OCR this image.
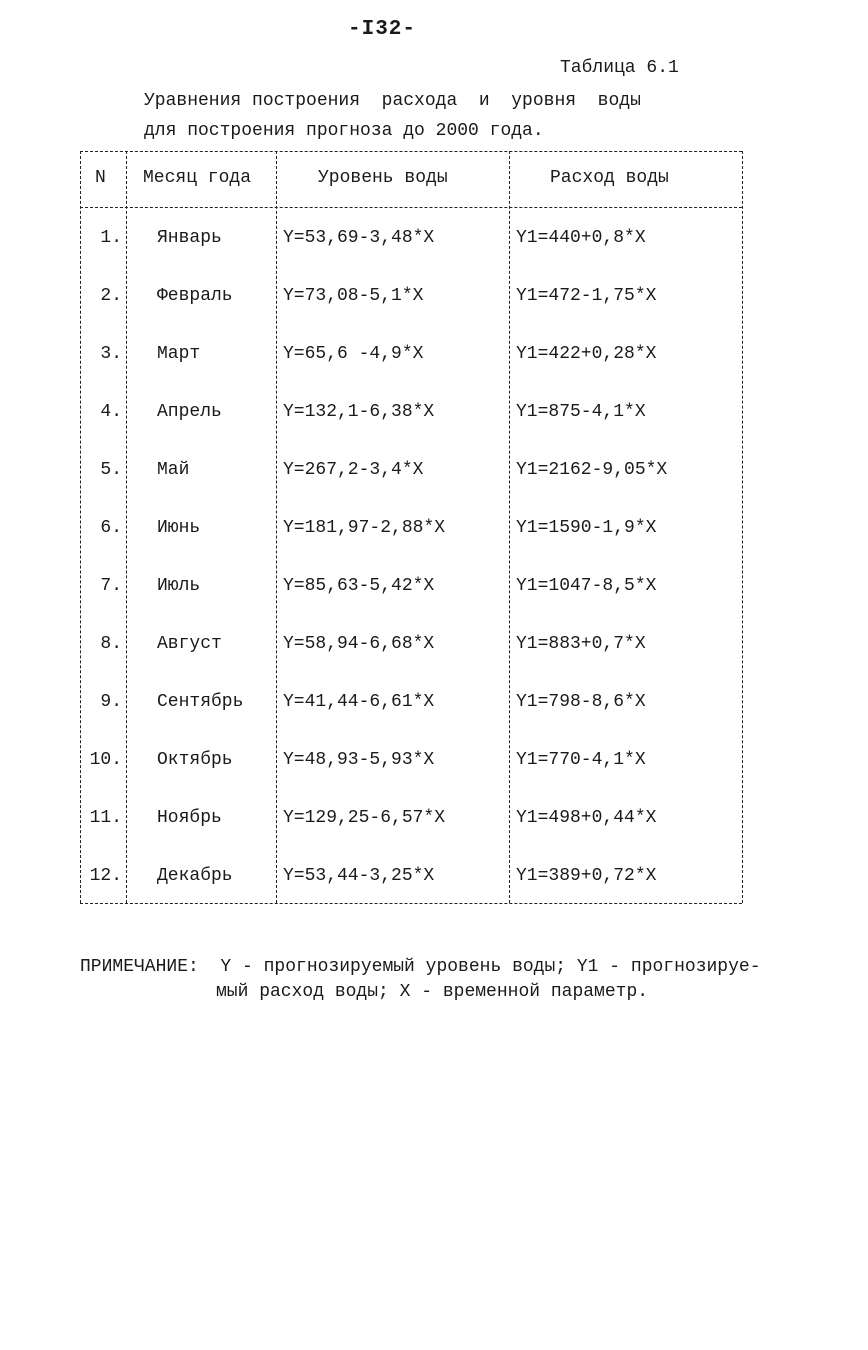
-I32-
Таблица 6.1
Уравнения построения  расхода  и  уровня  воды
для построения прогноза до 2000 года.
N Месяц года	Уровень воды	Расход воды
1. Январь	Y=53,69-3,48*X	Y1=440+0,8*X
2. Февраль	Y=73,08-5,1*X	Y1=472-1,75*X
3. Март	Y=65,6 -4,9*X	Y1=422+0,28*X
4. Апрель	Y=132,1-6,38*X	Y1=875-4,1*X
5. Май	Y=267,2-3,4*X	Y1=2162-9,05*X
6. Июнь	Y=181,97-2,88*X	Y1=1590-1,9*X
7. Июль	Y=85,63-5,42*X	Y1=1047-8,5*X
8. Август	Y=58,94-6,68*X	Y1=883+0,7*X
9. Сентябрь Y=41,44-6,61*X	Y1=798-8,6*X
10. Октябрь	Y=48,93-5,93*X	Y1=770-4,1*X
11. Ноябрь	Y=129,25-6,57*X	Y1=498+0,44*X
12. Декабрь	Y=53,44-3,25*X	Y1=389+0,72*X
ПРИМЕЧАНИЕ:  Y - прогнозируемый уровень воды; Y1 - прогнозируе-
мый расход воды; X - временной параметр.
